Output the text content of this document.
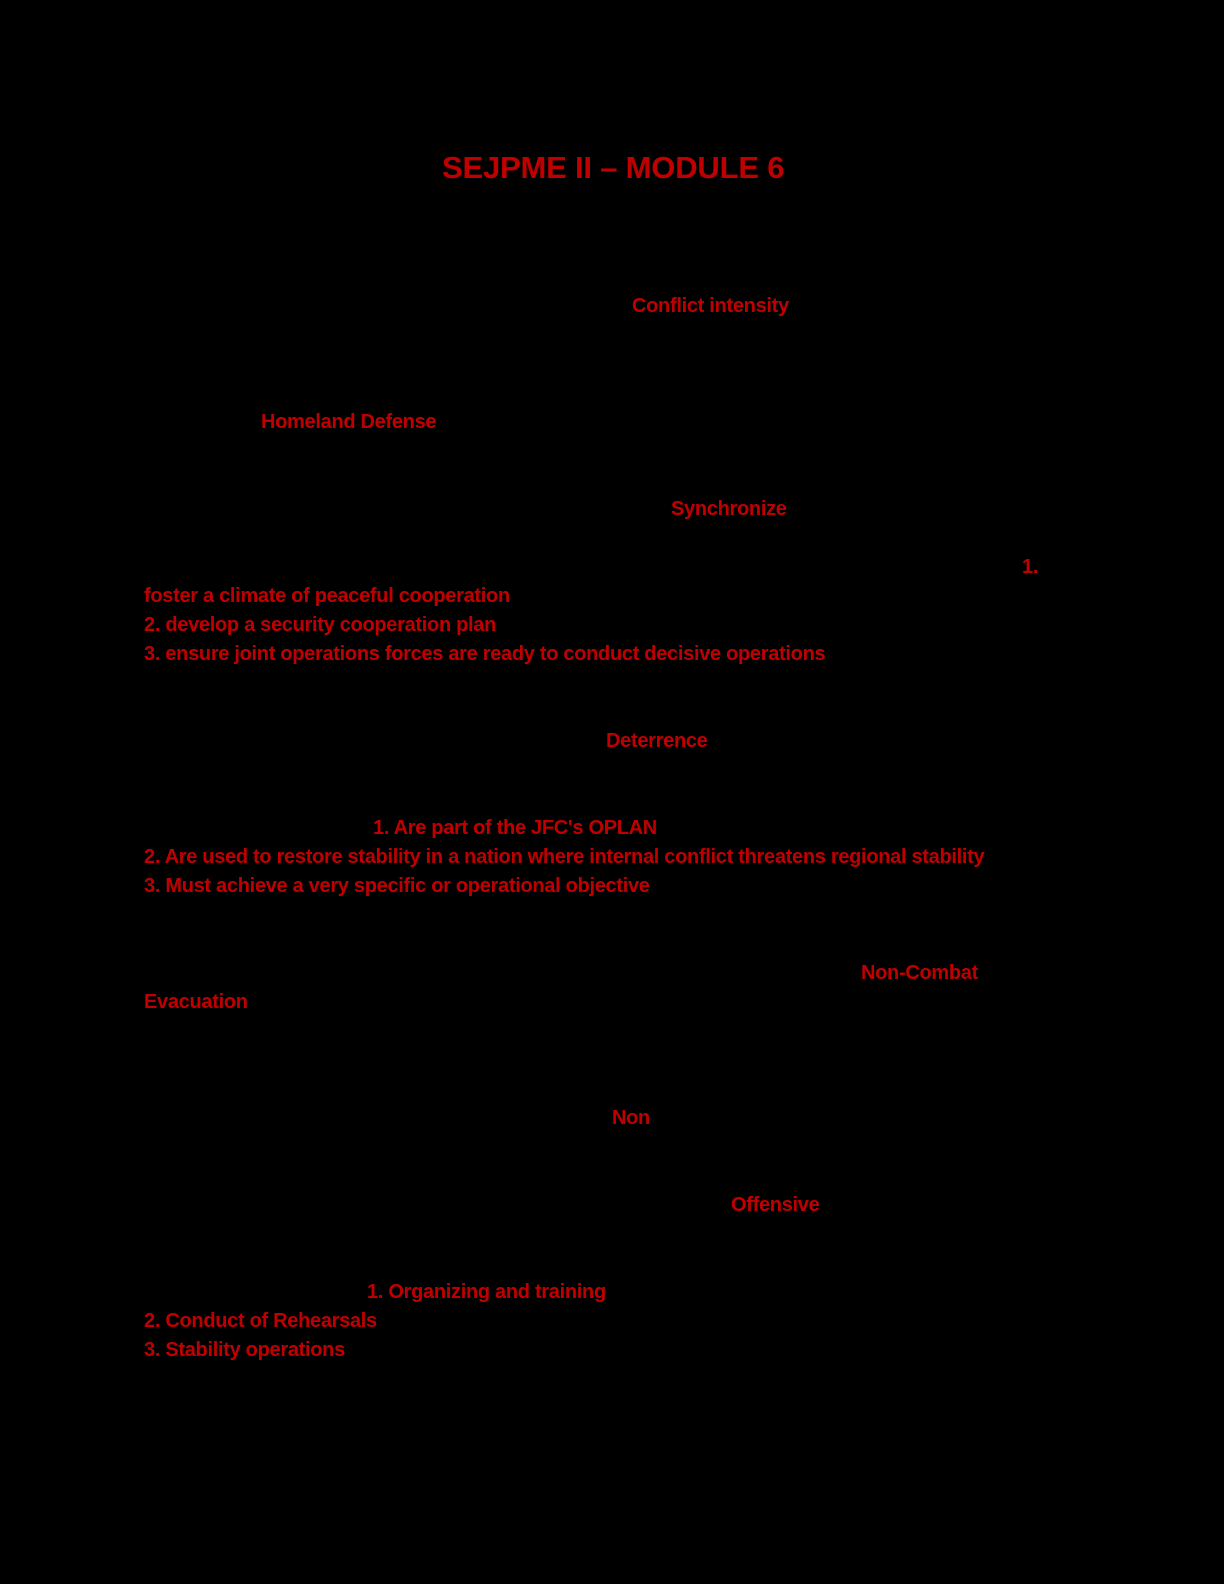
SEJPME II – MODULE 6
Conflict intensity
Homeland Defense
Synchronize
1.
foster a climate of peaceful cooperation
2. develop a security cooperation plan
3. ensure joint operations forces are ready to conduct decisive operations
Deterrence
1. Are part of the JFC's OPLAN
2. Are used to restore stability in a nation where internal conflict threatens regional stability
3. Must achieve a very specific or operational objective
Non-Combat
Evacuation
Non
Offensive
1. Organizing and training
2. Conduct of Rehearsals
3. Stability operations
